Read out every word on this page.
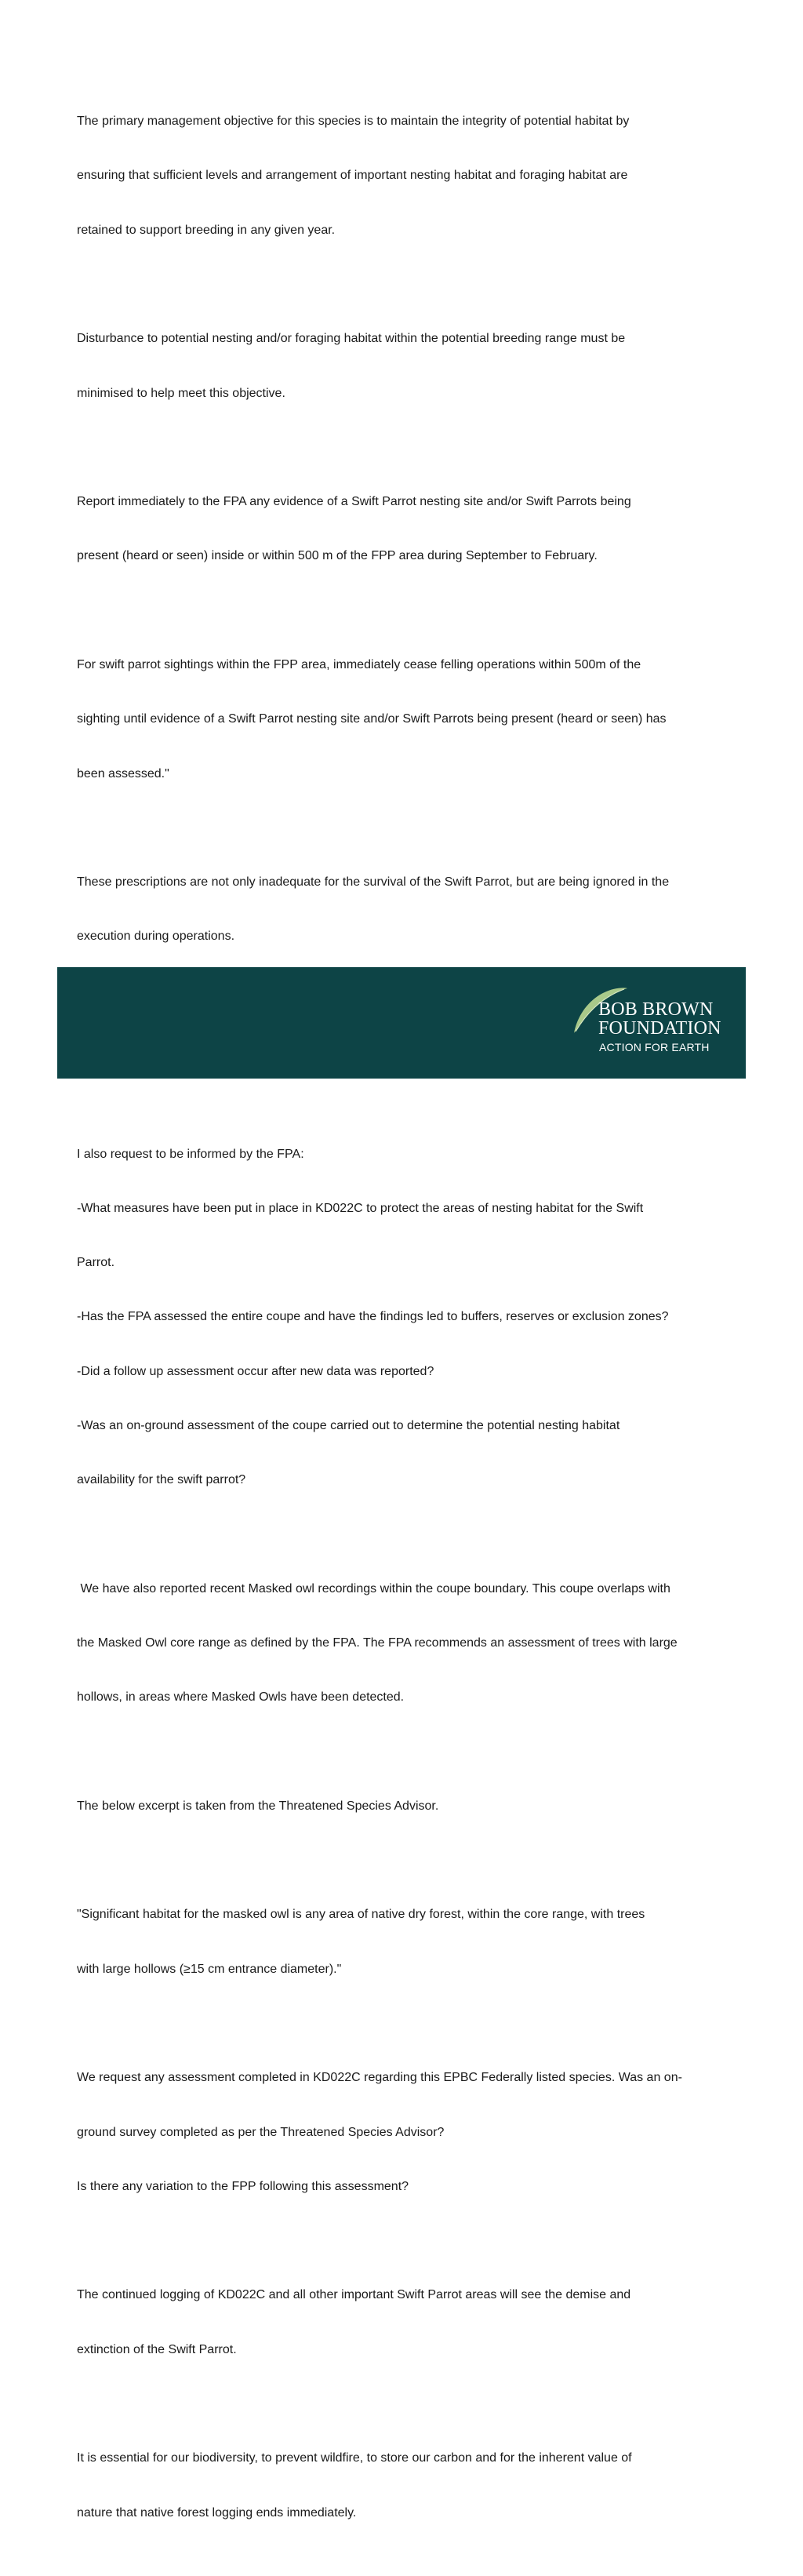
The primary management objective for this species is to maintain the integrity of potential habitat by

ensuring that sufficient levels and arrangement of important nesting habitat and foraging habitat are

retained to support breeding in any given year.

Disturbance to potential nesting and/or foraging habitat within the potential breeding range must be

minimised to help meet this objective.

Report immediately to the FPA any evidence of a Swift Parrot nesting site and/or Swift Parrots being

present (heard or seen) inside or within 500 m of the FPP area during September to February.

For swift parrot sightings within the FPP area, immediately cease felling operations within 500m of the

sighting until evidence of a Swift Parrot nesting site and/or Swift Parrots being present (heard or seen) has

been assessed."

These prescriptions are not only inadequate for the survival of the Swift Parrot, but are being ignored in the

execution during operations.

I also request to be informed by the FPA:

-What measures have been put in place in KD022C to protect the areas of nesting habitat for the Swift

Parrot.

-Has the FPA assessed the entire coupe and have the findings led to buffers, reserves or exclusion zones?

-Did a follow up assessment occur after new data was reported?

-Was an on-ground assessment of the coupe carried out to determine the potential nesting habitat

availability for the swift parrot?

We have also reported recent Masked owl recordings within the coupe boundary. This coupe overlaps with

the Masked Owl core range as defined by the FPA. The FPA recommends an assessment of trees with large

hollows, in areas where Masked Owls have been detected.

The below excerpt is taken from the Threatened Species Advisor.

"Significant habitat for the masked owl is any area of native dry forest, within the core range, with trees

with large hollows (≥15 cm entrance diameter)."

We request any assessment completed in KD022C regarding this EPBC Federally listed species. Was an on-

ground survey completed as per the Threatened Species Advisor?

Is there any variation to the FPP following this assessment?

The continued logging of KD022C and all other important Swift Parrot areas will see the demise and

extinction of the Swift Parrot.

It is essential for our biodiversity, to prevent wildfire, to store our carbon and for the inherent value of

nature that native forest logging ends immediately.

BOB BROWN
FOUNDATION
ACTION FOR EARTH
